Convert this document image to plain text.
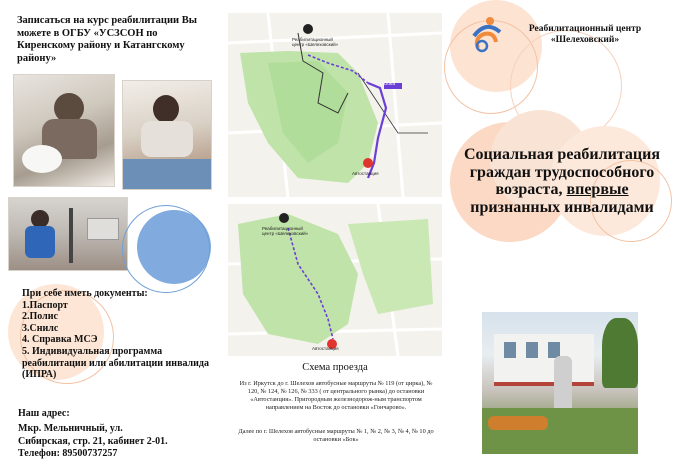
Записаться на курс реабилитации Вы можете в ОГБУ «УСЗСОН по Киренскому району и Катангскому району»
При себе иметь документы:
1.Паспорт
2.Полис
3.Снилс
4. Справка МСЭ
5. Индивидуальная программа реабилитации или абилитации инвалида (ИПРА)
Наш адрес:
Мкр. Мельничный, ул.
Сибирская, стр. 21, кабинет 2-01.
Телефон: 89500737257
Реабилитационный центр «Шелеховский»
Бока
Автостанция
Реабилитационный центр «Шелеховский»
Автостанция
Схема проезда
Из г. Иркутск до г. Шелехов автобусные маршруты № 119 (от цирка), № 120, № 124, № 126, № 333 ( от центрального рынка) до остановки «Автостанция». Пригородным железнодорож-ным транспортом направлением на Восток до остановки «Гончарово».
Далее по г. Шелехов автобусные маршруты № 1, № 2, № 3, № 4, № 10 до остановки «Бок»
Реабилитационный центр «Шелеховский»
Социальная реабилитация граждан трудоспособного возраста, впервые
признанных инвалидами
